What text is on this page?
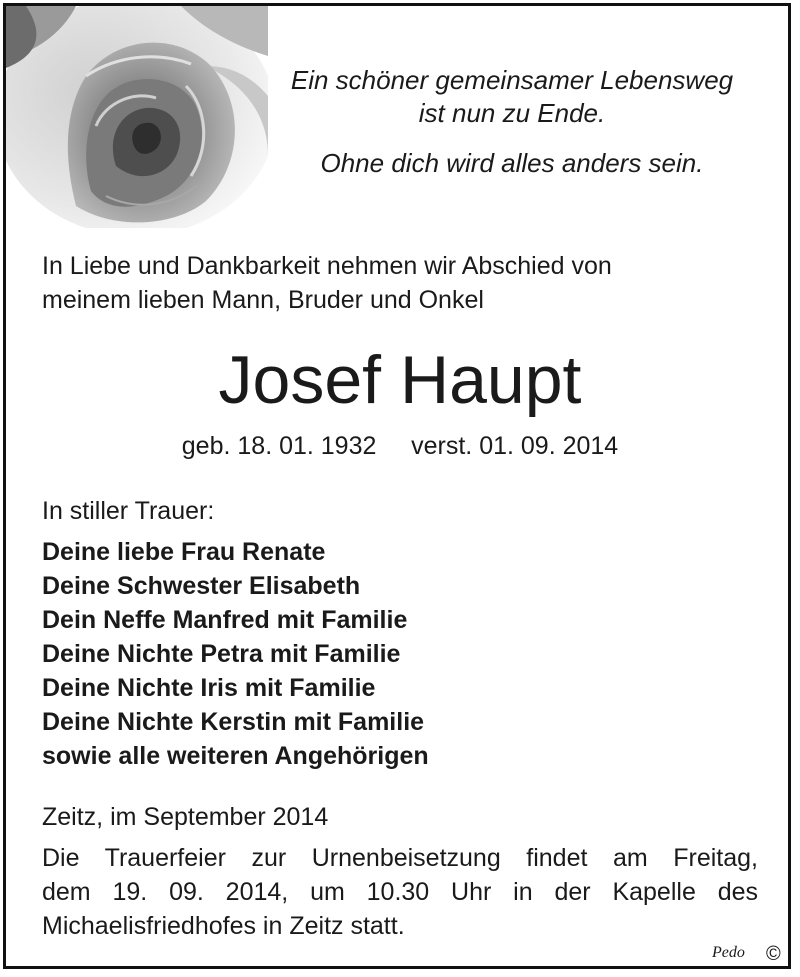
Ein schöner gemeinsamer Lebensweg
ist nun zu Ende.
Ohne dich wird alles anders sein.
In Liebe und Dankbarkeit nehmen wir Abschied von
meinem lieben Mann, Bruder und Onkel
Josef Haupt
geb. 18. 01. 1932     verst. 01. 09. 2014
In stiller Trauer:
Deine liebe Frau Renate
Deine Schwester Elisabeth
Dein Neffe Manfred mit Familie
Deine Nichte Petra mit Familie
Deine Nichte Iris mit Familie
Deine Nichte Kerstin mit Familie
sowie alle weiteren Angehörigen
Zeitz, im September 2014
Die Trauerfeier zur Urnenbeisetzung findet am Freitag,
dem 19. 09. 2014, um 10.30 Uhr in der Kapelle des
Michaelisfriedhofes in Zeitz statt.
Pedo ©
